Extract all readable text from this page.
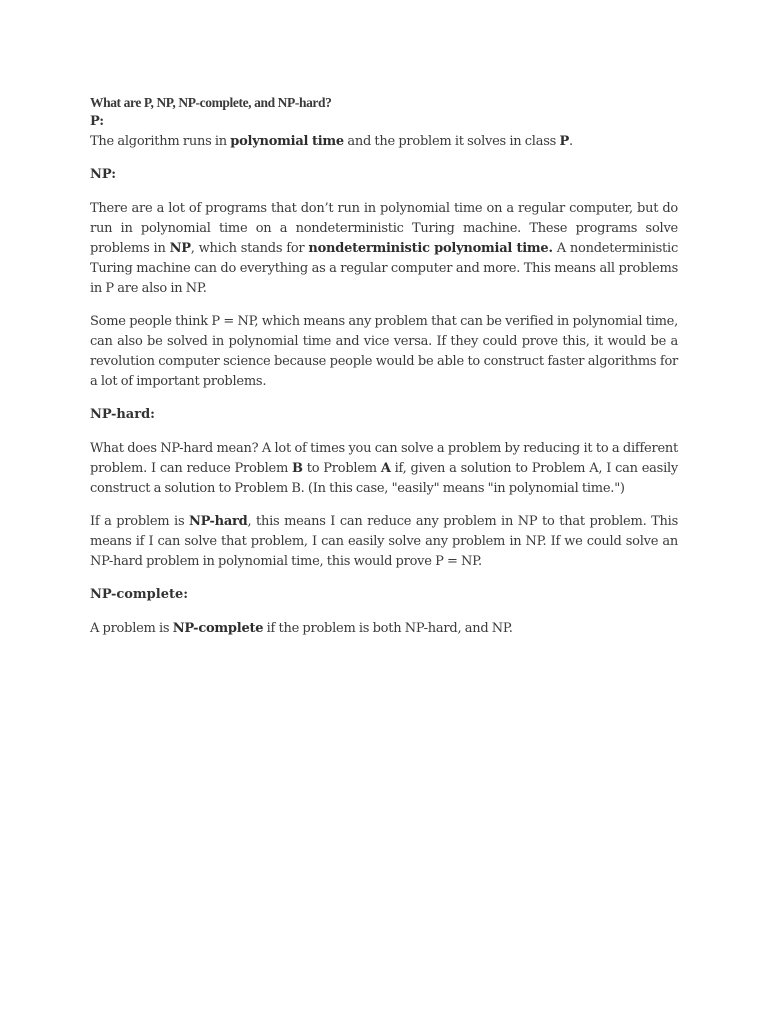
What are P, NP, NP-complete, and NP-hard?

P:

The algorithm runs in polynomial time and the problem it solves in class P.

NP:

There are a lot of programs that don’t run in polynomial time on a regular computer, but do run in polynomial time on a nondeterministic Turing machine. These programs solve problems in NP, which stands for nondeterministic polynomial time. A nondeterministic Turing machine can do everything as a regular computer and more. This means all problems in P are also in NP.

Some people think P = NP, which means any problem that can be verified in polynomial time, can also be solved in polynomial time and vice versa. If they could prove this, it would be a revolution computer science because people would be able to construct faster algorithms for a lot of important problems.

NP-hard:

What does NP-hard mean? A lot of times you can solve a problem by reducing it to a different problem. I can reduce Problem B to Problem A if, given a solution to Problem A, I can easily construct a solution to Problem B. (In this case, "easily" means "in polynomial time.")

If a problem is NP-hard, this means I can reduce any problem in NP to that problem. This means if I can solve that problem, I can easily solve any problem in NP. If we could solve an NP-hard problem in polynomial time, this would prove P = NP.

NP-complete:

A problem is NP-complete if the problem is both NP-hard, and NP.
